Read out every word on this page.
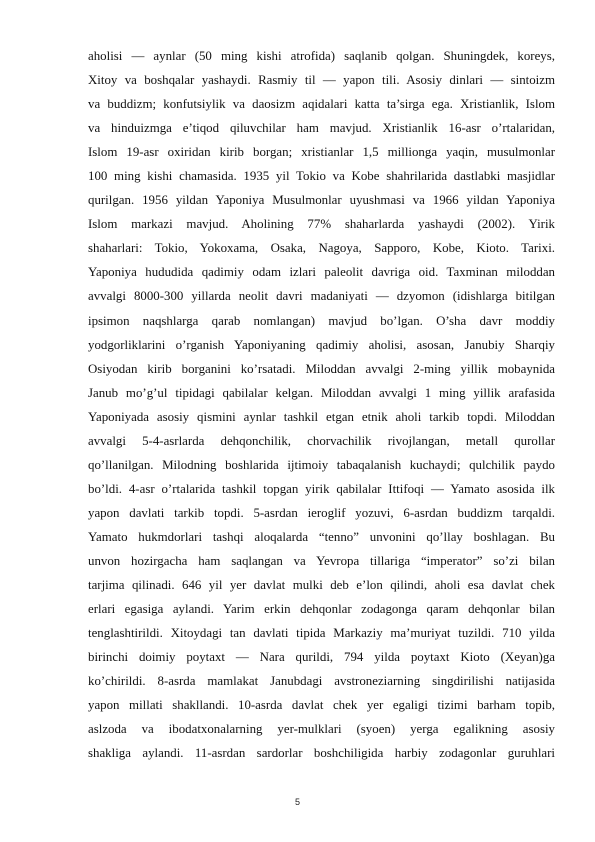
aholisi — aynlar (50 ming kishi atrofida) saqlanib qolgan. Shuningdek, koreys,
Xitoy va boshqalar yashaydi. Rasmiy til — yapon tili. Asosiy dinlari — sintoizm
va buddizm; konfutsiylik va daosizm aqidalari katta ta’sirga ega. Xristianlik, Islom
va hinduizmga e’tiqod qiluvchilar ham mavjud. Xristianlik 16-asr o’rtalaridan,
Islom 19-asr oxiridan kirib borgan; xristianlar 1,5 millionga yaqin, musulmonlar
100 ming kishi chamasida. 1935 yil Tokio va Kobe shahrilarida dastlabki masjidlar
qurilgan. 1956 yildan Yaponiya Musulmonlar uyushmasi va 1966 yildan Yaponiya
Islom markazi mavjud. Aholining 77% shaharlarda yashaydi (2002). Yirik
shaharlari: Tokio, Yokoxama, Osaka, Nagoya, Sapporo, Kobe, Kioto. Tarixi.
Yaponiya hududida qadimiy odam izlari paleolit davriga oid. Taxminan miloddan
avvalgi 8000-300 yillarda neolit davri madaniyati — dzyomon (idishlarga bitilgan
ipsimon naqshlarga qarab nomlangan) mavjud bo’lgan. O’sha davr moddiy
yodgorliklarini o’rganish Yaponiyaning qadimiy aholisi, asosan, Janubiy Sharqiy
Osiyodan kirib borganini ko’rsatadi. Miloddan avvalgi 2-ming yillik mobaynida
Janub mo’g’ul tipidagi qabilalar kelgan. Miloddan avvalgi 1 ming yillik arafasida
Yaponiyada asosiy qismini aynlar tashkil etgan etnik aholi tarkib topdi. Miloddan
avvalgi 5-4-asrlarda dehqonchilik, chorvachilik rivojlangan, metall qurollar
qo’llanilgan. Milodning boshlarida ijtimoiy tabaqalanish kuchaydi; qulchilik paydo
bo’ldi. 4-asr o’rtalarida tashkil topgan yirik qabilalar Ittifoqi — Yamato asosida ilk
yapon davlati tarkib topdi. 5-asrdan ieroglif yozuvi, 6-asrdan buddizm tarqaldi.
Yamato hukmdorlari tashqi aloqalarda “tenno” unvonini qo’llay boshlagan. Bu
unvon hozirgacha ham saqlangan va Yevropa tillariga “imperator” so’zi bilan
tarjima qilinadi. 646 yil yer davlat mulki deb e’lon qilindi, aholi esa davlat chek
erlari egasiga aylandi. Yarim erkin dehqonlar zodagonga qaram dehqonlar bilan
tenglashtirildi. Xitoydagi tan davlati tipida Markaziy ma’muriyat tuzildi. 710 yilda
birinchi doimiy poytaxt — Nara qurildi, 794 yilda poytaxt Kioto (Xeyan)ga
ko’chirildi. 8-asrda mamlakat Janubdagi avstroneziarning singdirilishi natijasida
yapon millati shakllandi. 10-asrda davlat chek yer egaligi tizimi barham topib,
aslzoda va ibodatxonalarning yer-mulklari (syoen) yerga egalikning asosiy
shakliga aylandi. 11-asrdan sardorlar boshchiligida harbiy zodagonlar guruhlari
5
